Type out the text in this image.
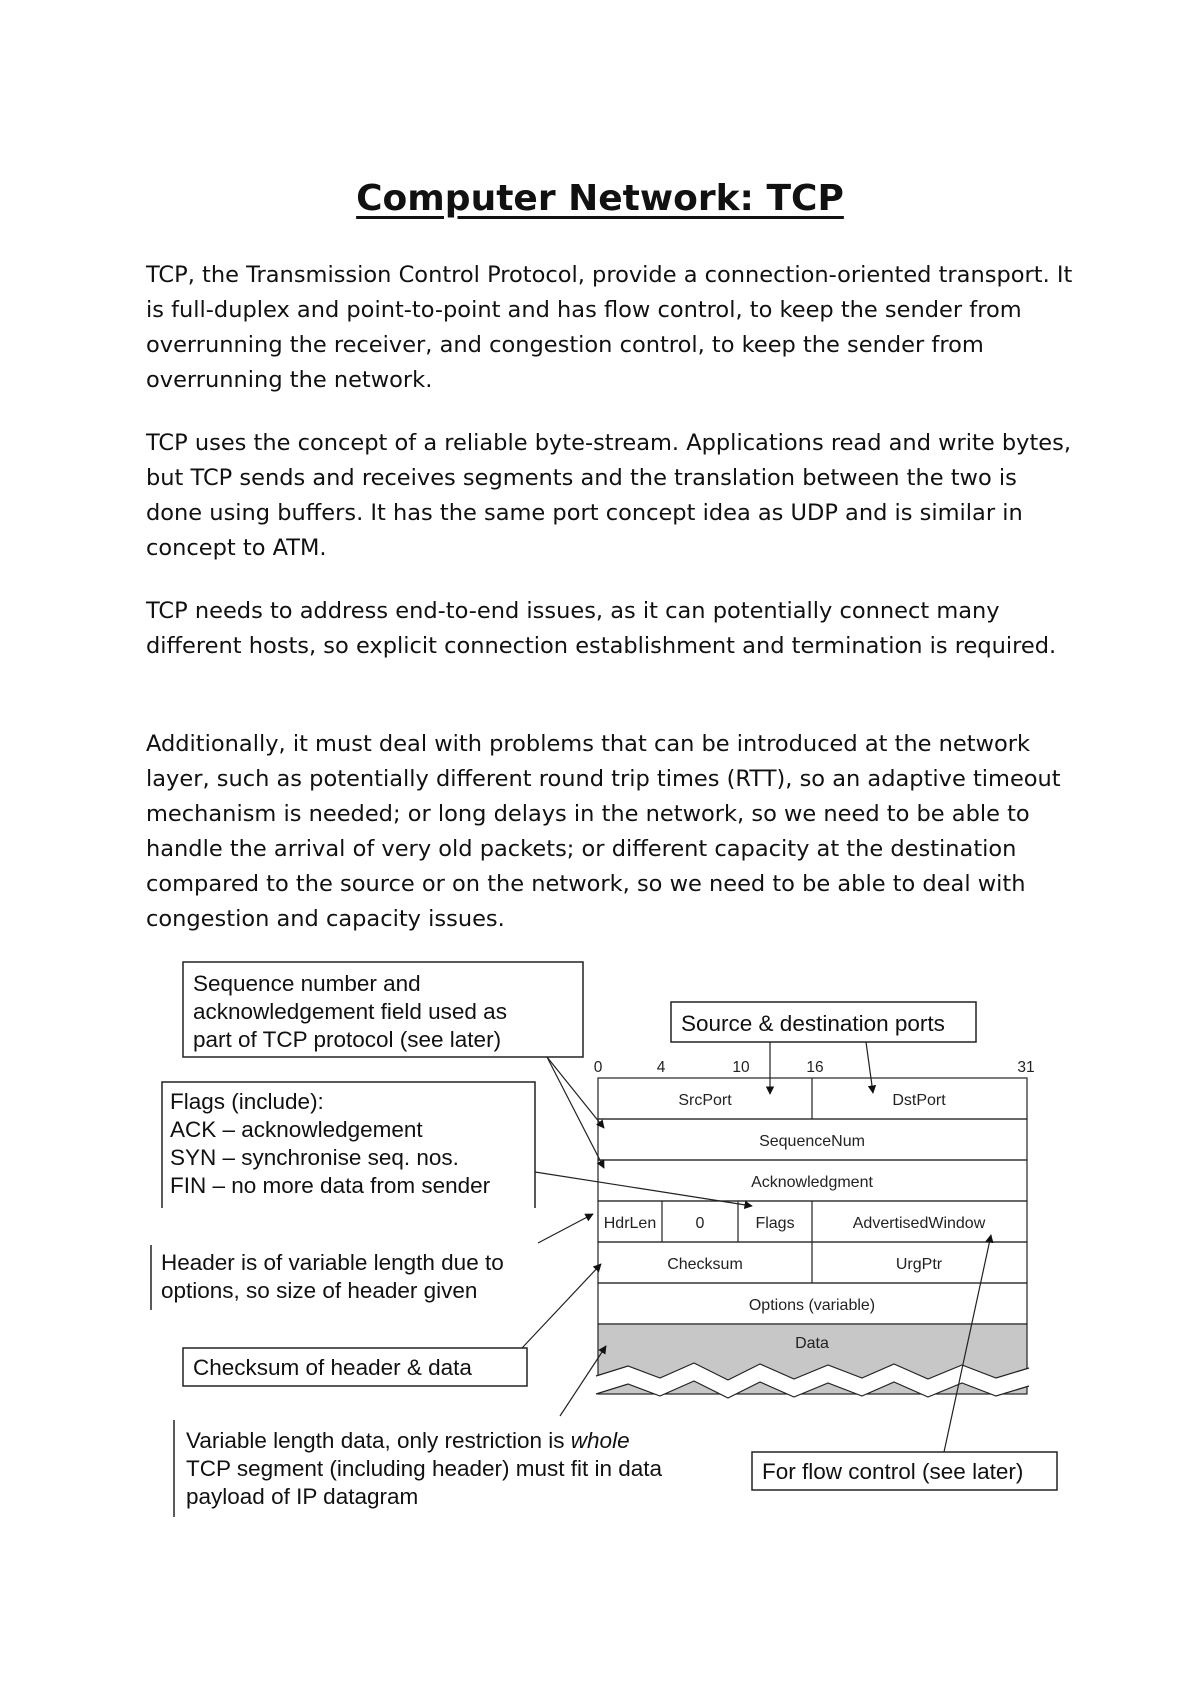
Computer Network: TCP

TCP, the Transmission Control Protocol, provide a connection-oriented transport. It is full-duplex and point-to-point and has flow control, to keep the sender from overrunning the receiver, and congestion control, to keep the sender from overrunning the network.

TCP uses the concept of a reliable byte-stream. Applications read and write bytes, but TCP sends and receives segments and the translation between the two is done using buffers. It has the same port concept idea as UDP and is similar in concept to ATM.

TCP needs to address end-to-end issues, as it can potentially connect many different hosts, so explicit connection establishment and termination is required.

Additionally, it must deal with problems that can be introduced at the network layer, such as potentially different round trip times (RTT), so an adaptive timeout mechanism is needed; or long delays in the network, so we need to be able to handle the arrival of very old packets; or different capacity at the destination compared to the source or on the network, so we need to be able to deal with congestion and capacity issues.

0	4	10	16	31
SrcPort	DstPort
SequenceNum
Acknowledgment
HdrLen 0	Flags	AdvertisedWindow
Checksum	UrgPtr
Options (variable)
Data
Sequence number and
acknowledgement field used as
part of TCP protocol (see later)
Source & destination ports
Flags (include):
ACK – acknowledgement
SYN – synchronise seq. nos.
FIN – no more data from sender
Header is of variable length due to
options, so size of header given
Checksum of header & data
Variable length data, only restriction is whole
TCP segment (including header) must fit in data
payload of IP datagram
For flow control (see later)
